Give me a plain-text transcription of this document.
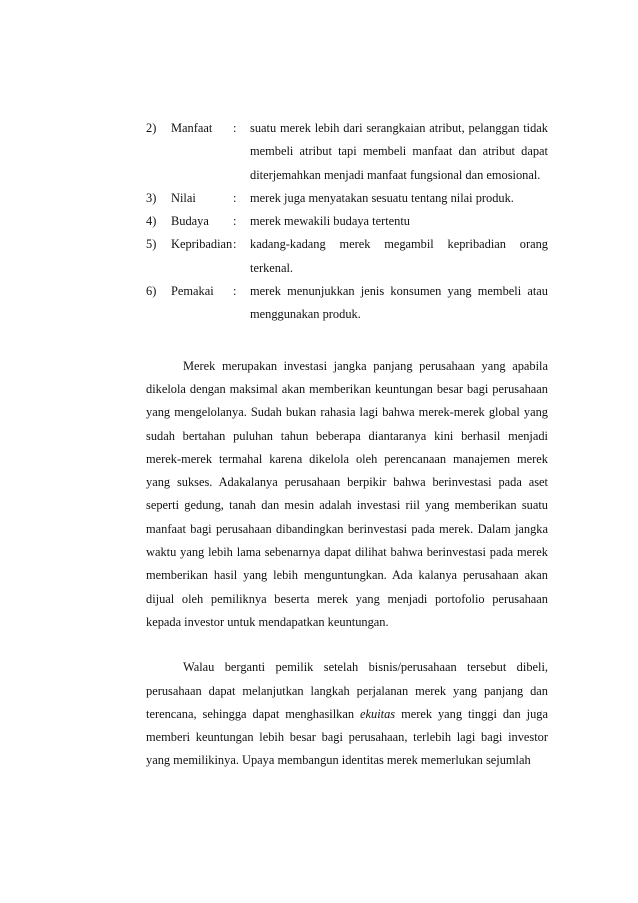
2)	Manfaat	:	suatu merek lebih dari serangkaian atribut, pelanggan tidak membeli atribut tapi membeli manfaat dan atribut dapat diterjemahkan menjadi manfaat fungsional dan emosional.
3)	Nilai	:	merek juga menyatakan sesuatu tentang nilai produk.
4)	Budaya	:	merek mewakili budaya tertentu
5)	Kepribadian :	kadang-kadang merek megambil kepribadian orang terkenal.
6)	Pemakai	:	merek menunjukkan jenis konsumen yang membeli atau menggunakan produk.

Merek merupakan investasi jangka panjang perusahaan yang apabila dikelola dengan maksimal akan memberikan keuntungan besar bagi perusahaan yang mengelolanya. Sudah bukan rahasia lagi bahwa merek-merek global yang sudah bertahan puluhan tahun beberapa diantaranya kini berhasil menjadi merek-merek termahal karena dikelola oleh perencanaan manajemen merek yang sukses. Adakalanya perusahaan berpikir bahwa berinvestasi pada aset seperti gedung, tanah dan mesin adalah investasi riil yang memberikan suatu manfaat bagi perusahaan dibandingkan berinvestasi pada merek. Dalam jangka waktu yang lebih lama sebenarnya dapat dilihat bahwa berinvestasi pada merek memberikan hasil yang lebih menguntungkan. Ada kalanya perusahaan akan dijual oleh pemiliknya beserta merek yang menjadi portofolio perusahaan kepada investor untuk mendapatkan keuntungan.

Walau berganti pemilik setelah bisnis/perusahaan tersebut dibeli, perusahaan dapat melanjutkan langkah perjalanan merek yang panjang dan terencana, sehingga dapat menghasilkan ekuitas merek yang tinggi dan juga memberi keuntungan lebih besar bagi perusahaan, terlebih lagi bagi investor yang memilikinya. Upaya membangun identitas merek memerlukan sejumlah
